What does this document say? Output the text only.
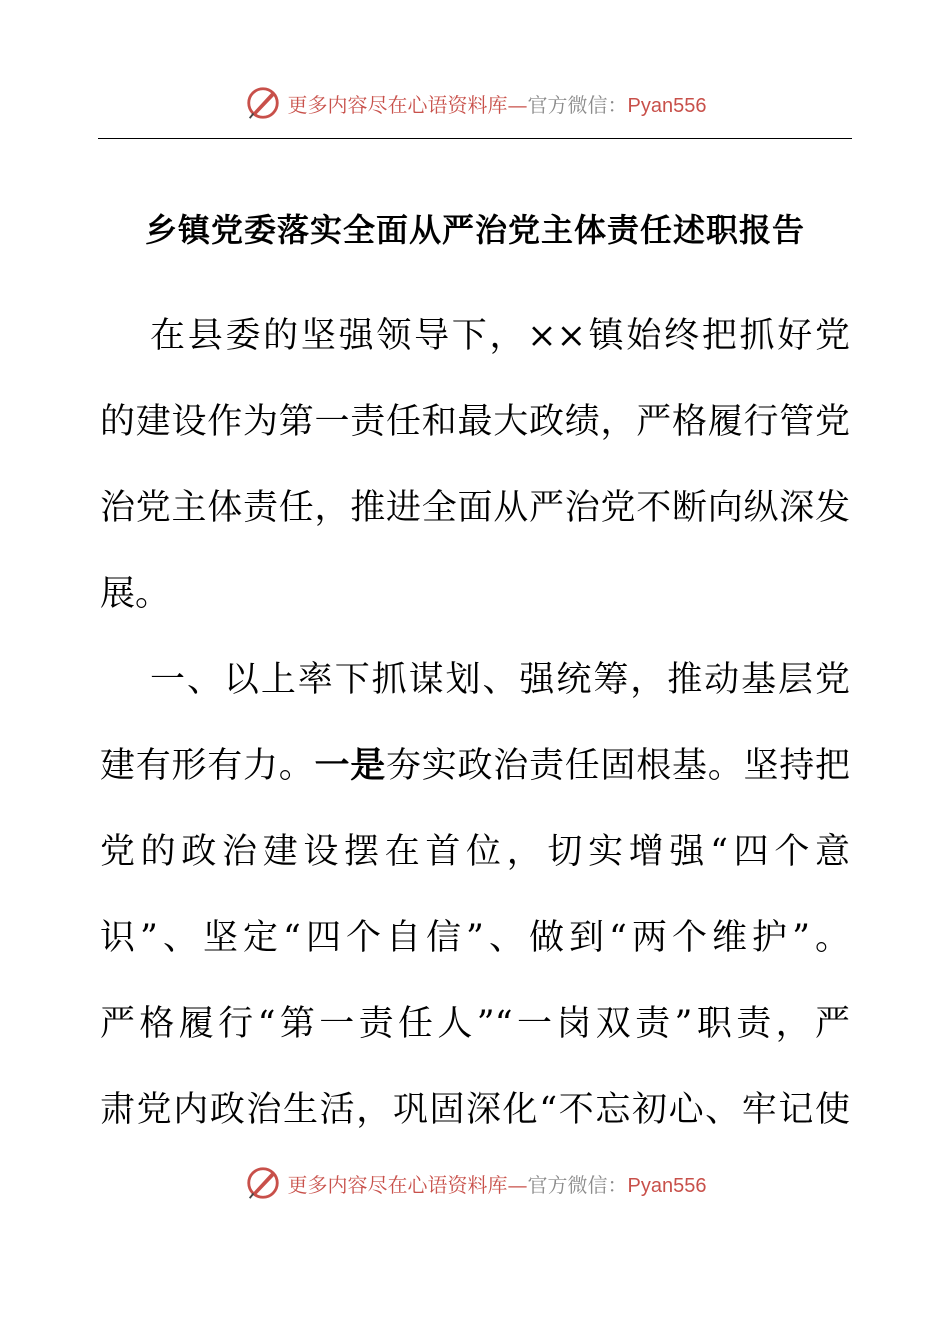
更多内容尽在心语资料库—官方微信：Pyan556
乡镇党委落实全面从严治党主体责任述职报告
在县委的坚强领导下，××镇始终把抓好党
的建设作为第一责任和最大政绩，严格履行管党
治党主体责任，推进全面从严治党不断向纵深发
展。
一、以上率下抓谋划、强统筹，推动基层党
建有形有力。一是夯实政治责任固根基。坚持把
党的政治建设摆在首位，切实增强“四个意
识”、坚定“四个自信”、做到“两个维护”。
严格履行“第一责任人”“一岗双责”职责，严
肃党内政治生活，巩固深化“不忘初心、牢记使
更多内容尽在心语资料库—官方微信：Pyan556
